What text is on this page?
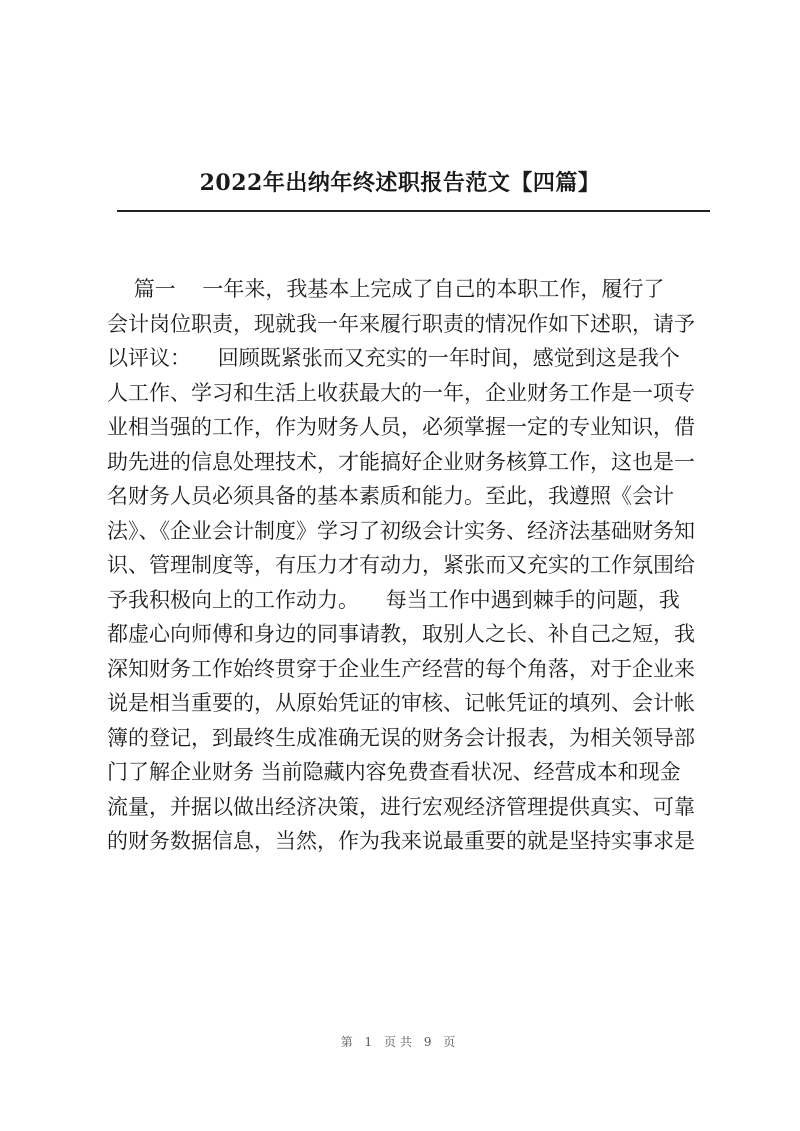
2022年出纳年终述职报告范文【四篇】
篇一    一年来，我基本上完成了自己的本职工作，履行了
会计岗位职责，现就我一年来履行职责的情况作如下述职，请予
以评议：    回顾既紧张而又充实的一年时间，感觉到这是我个
人工作、学习和生活上收获最大的一年，企业财务工作是一项专
业相当强的工作，作为财务人员，必须掌握一定的专业知识，借
助先进的信息处理技术，才能搞好企业财务核算工作，这也是一
名财务人员必须具备的基本素质和能力。至此，我遵照《会计
法》、《企业会计制度》学习了初级会计实务、经济法基础财务知
识、管理制度等，有压力才有动力，紧张而又充实的工作氛围给
予我积极向上的工作动力。    每当工作中遇到棘手的问题，我
都虚心向师傅和身边的同事请教，取别人之长、补自己之短，我
深知财务工作始终贯穿于企业生产经营的每个角落，对于企业来
说是相当重要的，从原始凭证的审核、记帐凭证的填列、会计帐
簿的登记，到最终生成准确无误的财务会计报表，为相关领导部
门了解企业财务 当前隐藏内容免费查看状况、经营成本和现金
流量，并据以做出经济决策，进行宏观经济管理提供真实、可靠
的财务数据信息，当然，作为我来说最重要的就是坚持实事求是
第 1 页共 9 页
